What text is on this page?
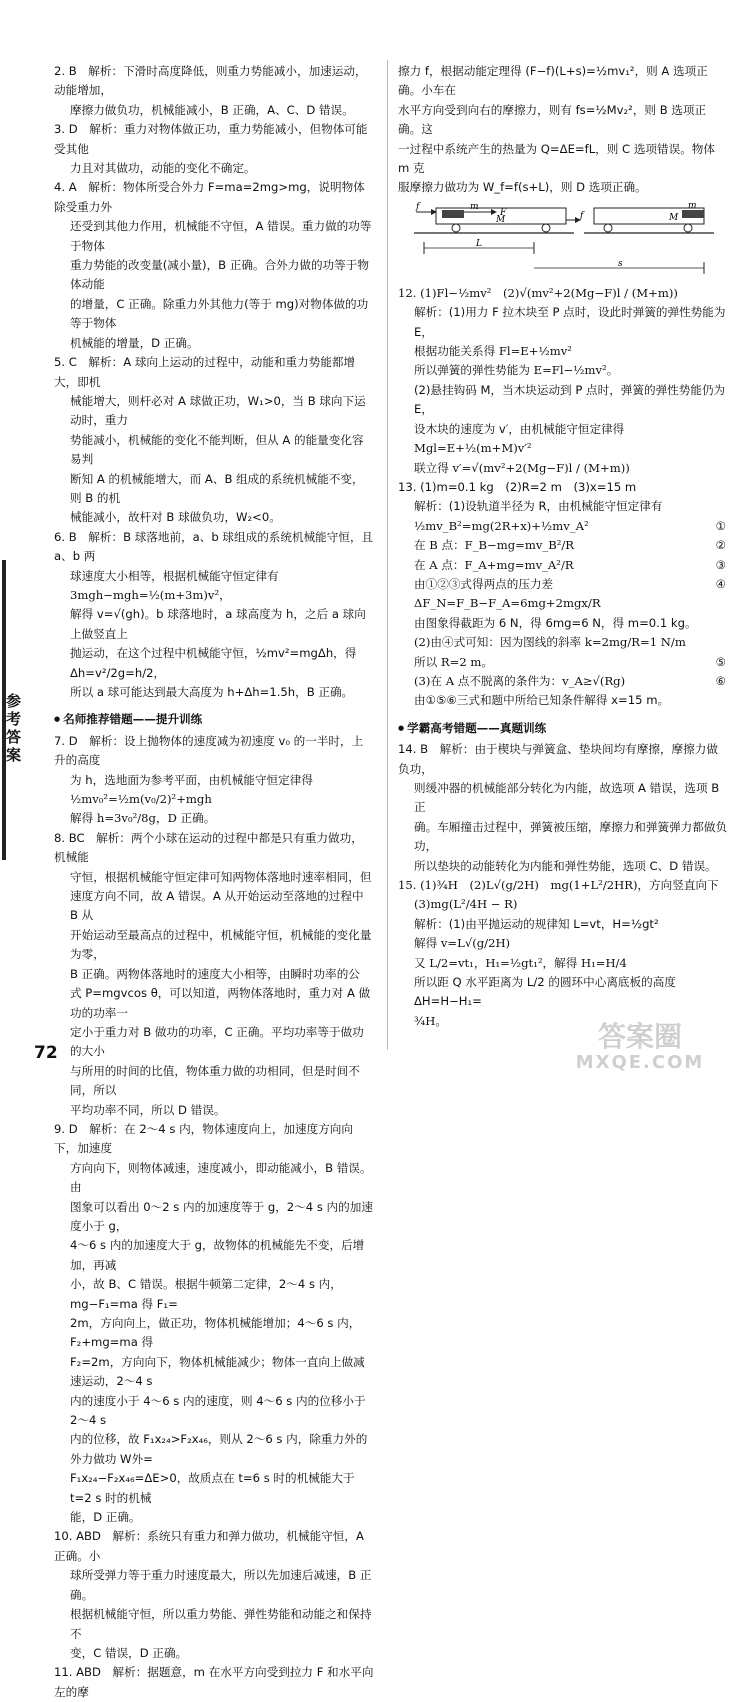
参考答案
72

2. B　解析：下滑时高度降低，则重力势能减小，加速运动，动能增加，

摩擦力做负功，机械能减小，B 正确，A、C、D 错误。

3. D　解析：重力对物体做正功，重力势能减小，但物体可能受其他

力且对其做功，动能的变化不确定。

4. A　解析：物体所受合外力 F=ma=2mg>mg，说明物体除受重力外

还受到其他力作用，机械能不守恒，A 错误。重力做的功等于物体

重力势能的改变量(减小量)，B 正确。合外力做的功等于物体动能

的增量，C 正确。除重力外其他力(等于 mg)对物体做的功等于物体

机械能的增量，D 正确。

5. C　解析：A 球向上运动的过程中，动能和重力势能都增大，即机

械能增大，则杆必对 A 球做正功，W₁>0，当 B 球向下运动时，重力

势能减小，机械能的变化不能判断，但从 A 的能量变化容易判

断知 A 的机械能增大，而 A、B 组成的系统机械能不变，则 B 的机

械能减小，故杆对 B 球做负功，W₂<0。

6. B　解析：B 球落地前，a、b 球组成的系统机械能守恒，且 a、b 两

球速度大小相等，根据机械能守恒定律有 3mgh−mgh=½(m+3m)v²，

解得 v=√(gh)。b 球落地时，a 球高度为 h，之后 a 球向上做竖直上

抛运动，在这个过程中机械能守恒，½mv²=mgΔh，得 Δh=v²/2g=h/2，

所以 a 球可能达到最大高度为 h+Δh=1.5h，B 正确。

● 名师推荐错题——提升训练

7. D　解析：设上抛物体的速度减为初速度 v₀ 的一半时，上升的高度

为 h，选地面为参考平面，由机械能守恒定律得

½mv₀²=½m(v₀/2)²+mgh

解得 h=3v₀²/8g，D 正确。

8. BC　解析：两个小球在运动的过程中都是只有重力做功，机械能

守恒，根据机械能守恒定律可知两物体落地时速率相同，但

速度方向不同，故 A 错误。A 从开始运动至落地的过程中 B 从

开始运动至最高点的过程中，机械能守恒，机械能的变化量为零，

B 正确。两物体落地时的速度大小相等，由瞬时功率的公

式 P=mgvcos θ，可以知道，两物体落地时，重力对 A 做功的功率一

定小于重力对 B 做功的功率，C 正确。平均功率等于做功的大小

与所用的时间的比值，物体重力做的功相同，但是时间不同，所以

平均功率不同，所以 D 错误。

9. D　解析：在 2～4 s 内，物体速度向上，加速度方向向下，加速度

方向向下，则物体减速，速度减小，即动能减小，B 错误。由

图象可以看出 0～2 s 内的加速度等于 g，2～4 s 内的加速度小于 g，

4～6 s 内的加速度大于 g，故物体的机械能先不变，后增加，再减

小，故 B、C 错误。根据牛顿第二定律，2～4 s 内，mg−F₁=ma 得 F₁=

2m，方向向上，做正功，物体机械能增加；4～6 s 内，F₂+mg=ma 得

F₂=2m，方向向下，物体机械能减少；物体一直向上做减速运动，2～4 s

内的速度小于 4～6 s 内的速度，则 4～6 s 内的位移小于 2～4 s

内的位移，故 F₁x₂₄>F₂x₄₆，则从 2～6 s 内，除重力外的外力做功 W外=

F₁x₂₄−F₂x₄₆=ΔE>0，故质点在 t=6 s 时的机械能大于 t=2 s 时的机械

能，D 正确。

10. ABD　解析：系统只有重力和弹力做功，机械能守恒，A 正确。小

球所受弹力等于重力时速度最大，所以先加速后减速，B 正确。

根据机械能守恒，所以重力势能、弹性势能和动能之和保持不

变，C 错误，D 正确。

11. ABD　解析：据题意，m 在水平方向受到拉力 F 和水平向左的摩

擦力 f，根据动能定理得 (F−f)(L+s)=½mv₁²，则 A 选项正确。小车在

水平方向受到向右的摩擦力，则有 fs=½Mv₂²，则 B 选项正确。这

一过程中系统产生的热量为 Q=ΔE=fL，则 C 选项错误。物体 m 克

服摩擦力做功为 W_f=f(s+L)，则 D 选项正确。

f	m
F
M	f
L
M
m
s

12. (1)Fl−½mv²　(2)√(mv²+2(Mg−F)l / (M+m))

解析：(1)用力 F 拉木块至 P 点时，设此时弹簧的弹性势能为 E，

根据功能关系得 Fl=E+½mv²

所以弹簧的弹性势能为 E=Fl−½mv²。

(2)悬挂钩码 M，当木块运动到 P 点时，弹簧的弹性势能仍为 E，

设木块的速度为 v′，由机械能守恒定律得

Mgl=E+½(m+M)v′²

联立得 v′=√(mv²+2(Mg−F)l / (M+m))

13. (1)m=0.1 kg　(2)R=2 m　(3)x=15 m

解析：(1)设轨道半径为 R，由机械能守恒定律有

½mv_B²=mg(2R+x)+½mv_A²	①
在 B 点：F_B−mg=mv_B²/R	②
在 A 点：F_A+mg=mv_A²/R	③
由①②③式得两点的压力差 ΔF_N=F_B−F_A=6mg+2mgx/R
④

由图象得截距为 6 N，得 6mg=6 N，得 m=0.1 kg。

(2)由④式可知：因为图线的斜率 k=2mg/R=1 N/m

所以 R=2 m。	⑤
(3)在 A 点不脱离的条件为：v_A≥√(Rg)	⑥

由①⑤⑥三式和题中所给已知条件解得 x=15 m。

● 学霸高考错题——真题训练

14. B　解析：由于楔块与弹簧盒、垫块间均有摩擦，摩擦力做负功，

则缓冲器的机械能部分转化为内能，故选项 A 错误，选项 B 正

确。车厢撞击过程中，弹簧被压缩，摩擦力和弹簧弹力都做负功，

所以垫块的动能转化为内能和弹性势能，选项 C、D 错误。

15. (1)¾H　(2)L√(g/2H)　mg(1+L²/2HR)，方向竖直向下

(3)mg(L²/4H − R)

解析：(1)由平抛运动的规律知 L=vt，H=½gt²

解得 v=L√(g/2H)

又 L/2=vt₁，H₁=½gt₁²，解得 H₁=H/4

所以距 Q 水平距离为 L/2 的圆环中心离底板的高度 ΔH=H−H₁=

¾H。	答案圈
MXQE.COM
